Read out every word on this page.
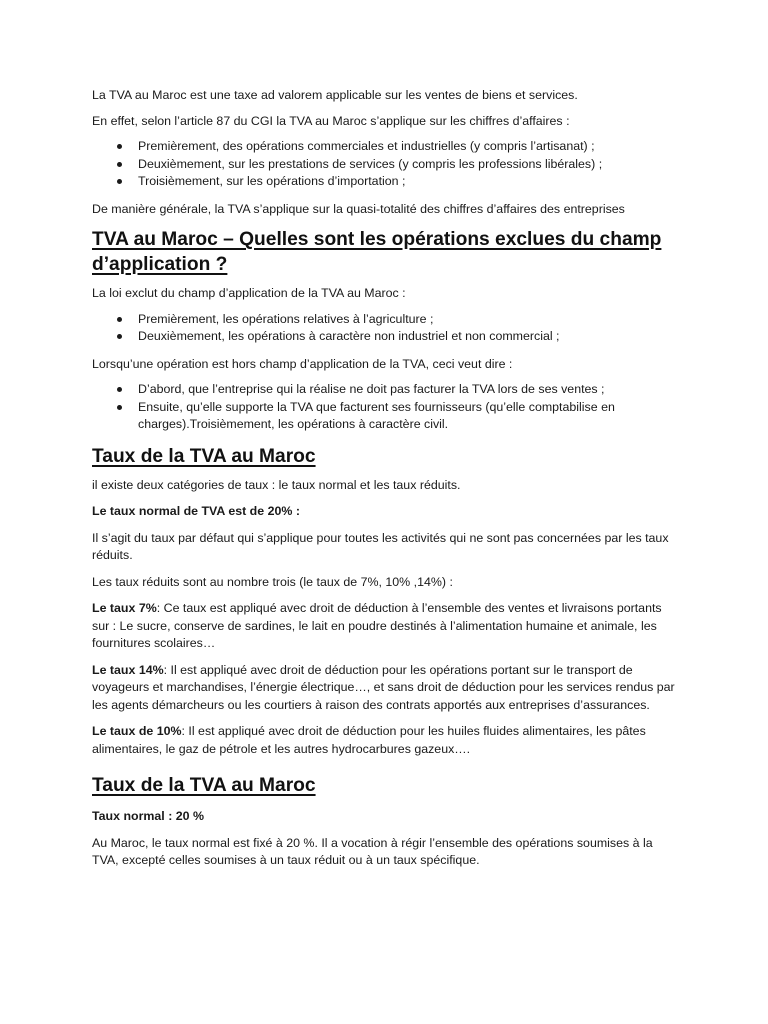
La TVA au Maroc est une taxe ad valorem applicable sur les ventes de biens et services.

En effet, selon l’article 87 du CGI la TVA au Maroc s’applique sur les chiffres d’affaires :

Premièrement, des opérations commerciales et industrielles (y compris l’artisanat) ;
Deuxièmement, sur les prestations de services (y compris les professions libérales) ;
Troisièmement, sur les opérations d’importation ;

De manière générale, la TVA s’applique sur la quasi-totalité des chiffres d’affaires des entreprises

TVA au Maroc – Quelles sont les opérations exclues du champ d’application ?

La loi exclut du champ d’application de la TVA au Maroc :

Premièrement, les opérations relatives à l’agriculture ;
Deuxièmement, les opérations à caractère non industriel et non commercial ;

Lorsqu’une opération est hors champ d’application de la TVA, ceci veut dire :

D’abord, que l’entreprise qui la réalise ne doit pas facturer la TVA lors de ses ventes ;
Ensuite, qu’elle supporte la TVA que facturent ses fournisseurs (qu’elle comptabilise en charges).Troisièmement, les opérations à caractère civil.
Taux de la TVA au Maroc

il existe deux catégories de taux : le taux normal et les taux réduits.

Le taux normal de TVA est de 20% :

Il s’agit du taux par défaut qui s’applique pour toutes les activités qui ne sont pas concernées par les taux réduits.

Les taux réduits sont au nombre trois (le taux de 7%, 10% ,14%) :

Le taux 7%: Ce taux est appliqué avec droit de déduction à l’ensemble des ventes et livraisons portants sur : Le sucre, conserve de sardines, le lait en poudre destinés à l’alimentation humaine et animale, les fournitures scolaires…

Le taux 14%: Il est appliqué avec droit de déduction pour les opérations portant sur le transport de voyageurs et marchandises, l’énergie électrique…, et sans droit de déduction pour les services rendus par les agents démarcheurs ou les courtiers à raison des contrats apportés aux entreprises d’assurances.

Le taux de 10%: Il est appliqué avec droit de déduction pour les huiles fluides alimentaires, les pâtes alimentaires, le gaz de pétrole et les autres hydrocarbures gazeux….

Taux de la TVA au Maroc

Taux normal : 20 %

Au Maroc, le taux normal est fixé à 20 %. Il a vocation à régir l’ensemble des opérations soumises à la TVA, excepté celles soumises à un taux réduit ou à un taux spécifique.
